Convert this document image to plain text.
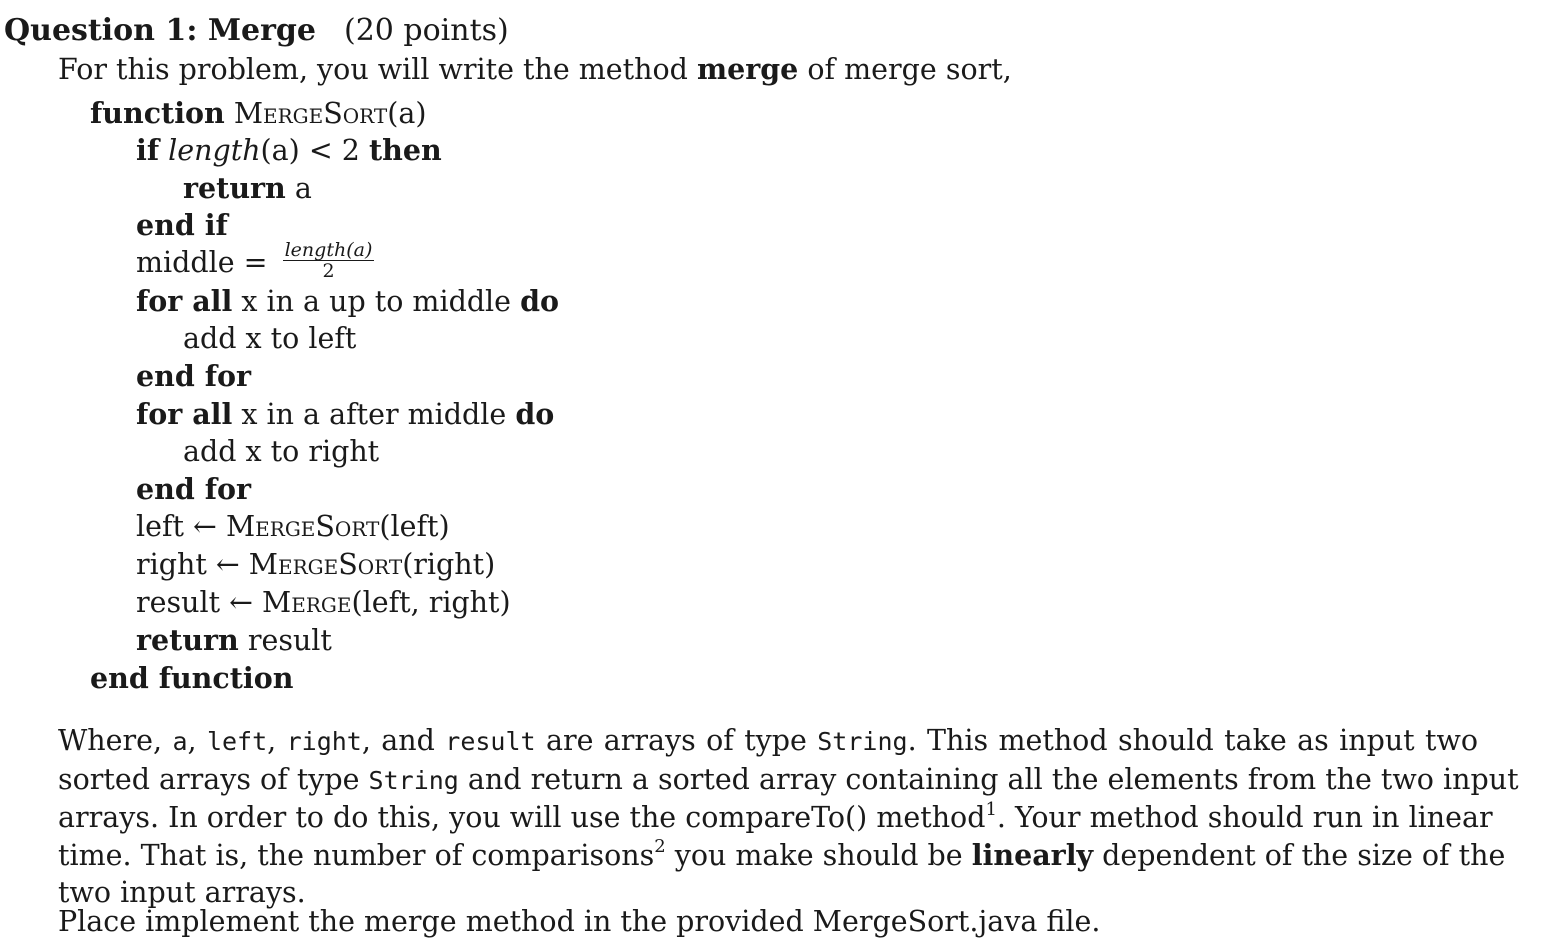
Question 1: Merge (20 points)
For this problem, you will write the method merge of merge sort,
function MergeSort(a)
if length(a) < 2 then
return a
end if
middle = $\frac{\text{length(a)}}{2}$
for all x in a up to middle do
add x to left
end for
for all x in a after middle do
add x to right
end for
left ← MergeSort(left)
right ← MergeSort(right)
result ← Merge(left, right)
return result
end function
Where, a, left, right, and result are arrays of type String. This method should take as input two
sorted arrays of type String and return a sorted array containing all the elements from the two input
arrays. In order to do this, you will use the compareTo() method$^1$. Your method should run in linear
time. That is, the number of comparisons$^2$ you make should be linearly dependent of the size of the
two input arrays.
Place implement the merge method in the provided MergeSort.java file.
